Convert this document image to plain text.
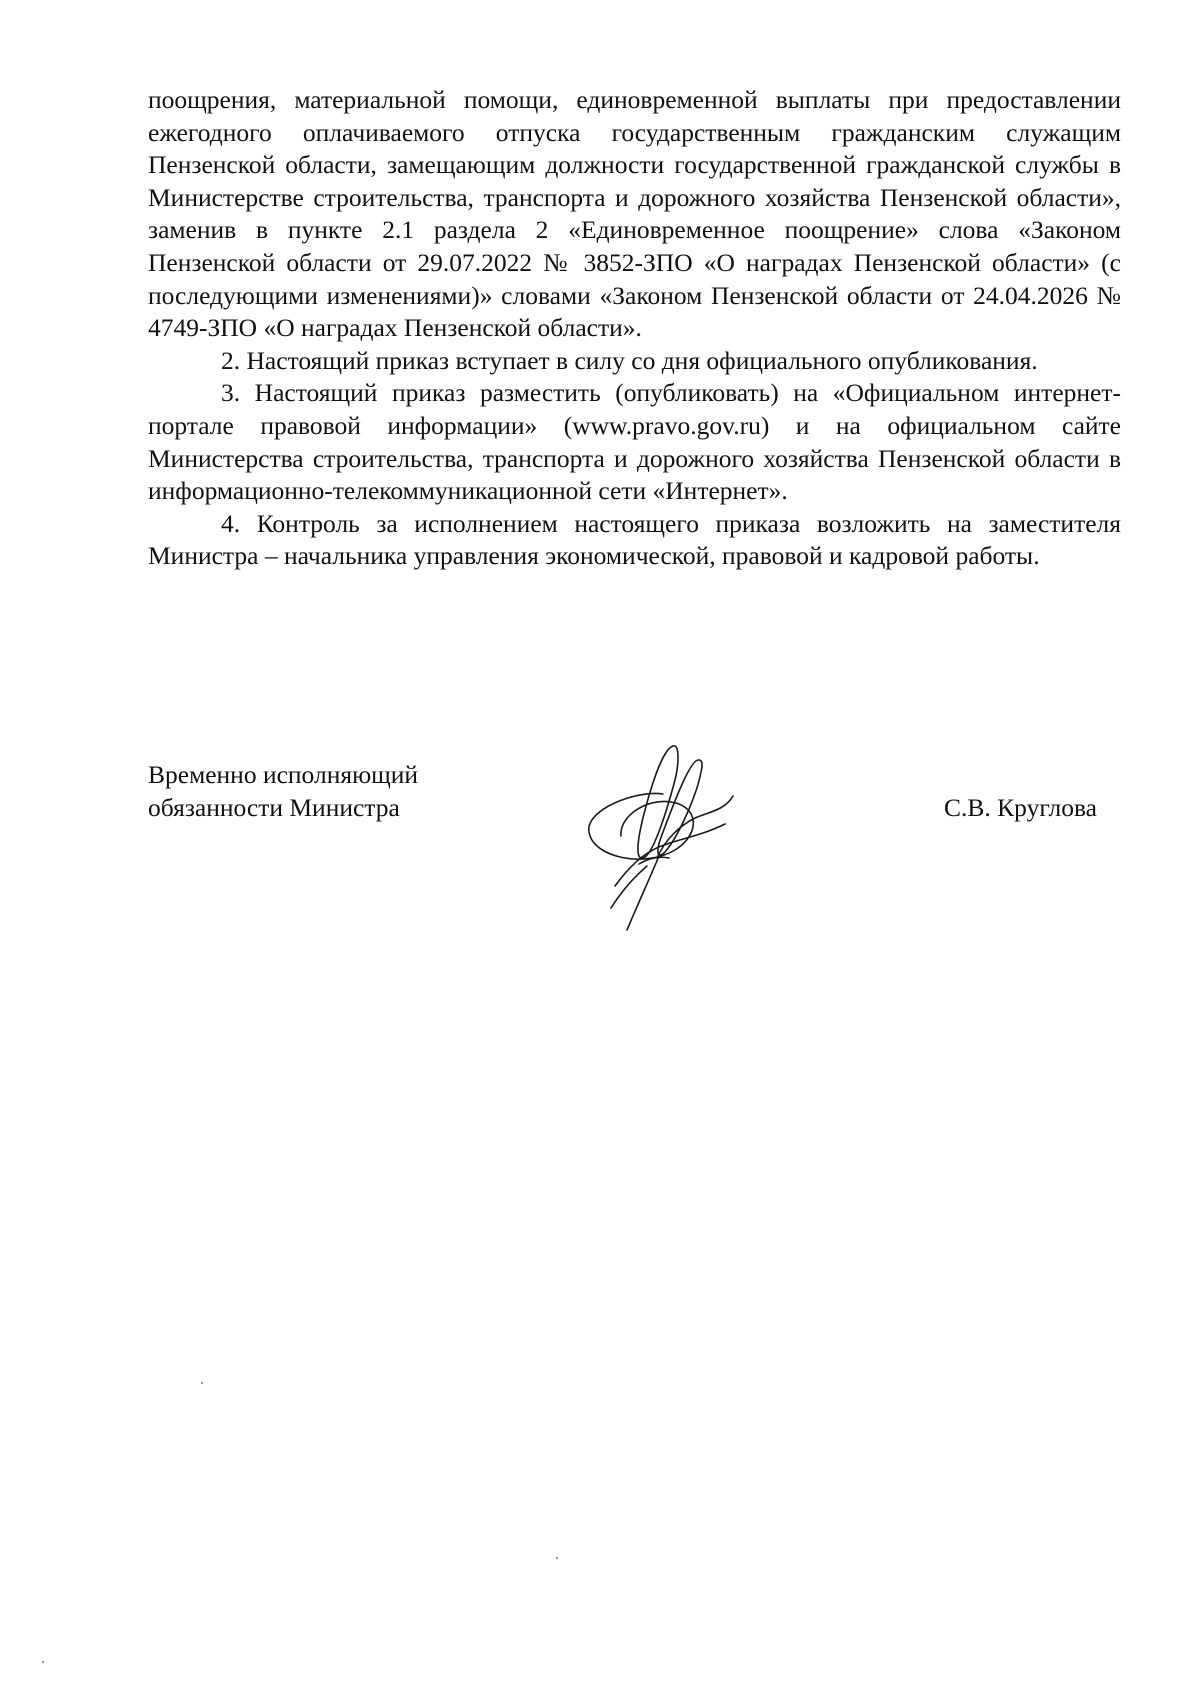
поощрения, материальной помощи, единовременной выплаты при предоставлении ежегодного оплачиваемого отпуска государственным гражданским служащим Пензенской области, замещающим должности государственной гражданской службы в Министерстве строительства, транспорта и дорожного хозяйства Пензенской области», заменив в пункте 2.1 раздела 2 «Единовременное поощрение» слова «Законом Пензенской области от 29.07.2022 № 3852-ЗПО «О наградах Пензенской области» (с последующими изменениями)» словами «Законом Пензенской области от 24.04.2026 № 4749-ЗПО «О наградах Пензенской области».

2. Настоящий приказ вступает в силу со дня официального опубликования.

3. Настоящий приказ разместить (опубликовать) на «Официальном интернет-портале правовой информации» (www.pravo.gov.ru) и на официальном сайте Министерства строительства, транспорта и дорожного хозяйства Пензенской области в информационно-телекоммуникационной сети «Интернет».

4. Контроль за исполнением настоящего приказа возложить на заместителя Министра – начальника управления экономической, правовой и кадровой работы.

Временно исполняющий
обязанности Министра	С.В. Круглова
